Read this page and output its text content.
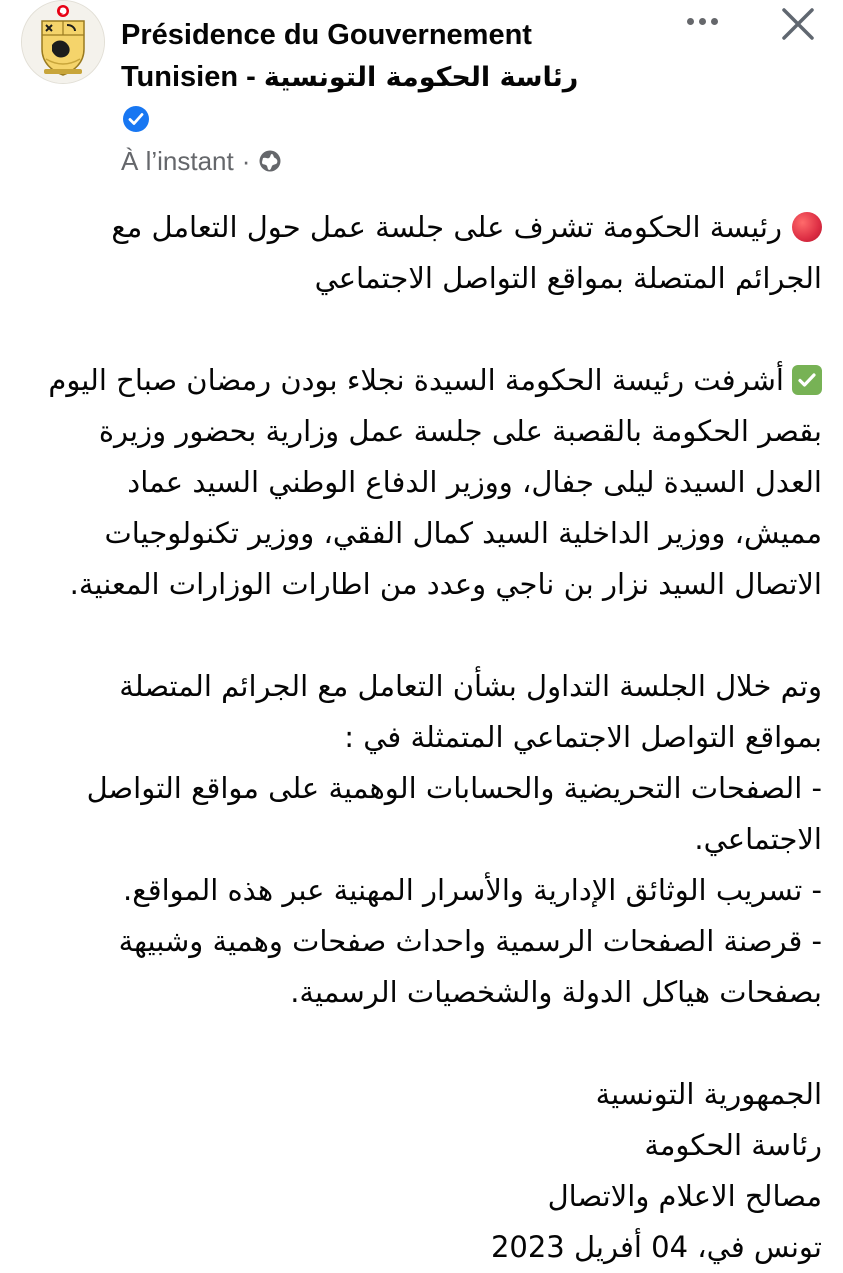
Présidence du Gouvernement
Tunisien - رئاسة الحكومة التونسية
À l’instant ·

رئيسة الحكومة تشرف على جلسة عمل حول التعامل مع الجرائم المتصلة بمواقع التواصل الاجتماعي

أشرفت رئيسة الحكومة السيدة نجلاء بودن رمضان صباح اليوم بقصر الحكومة بالقصبة على جلسة عمل وزارية بحضور وزيرة العدل السيدة ليلى جفال، ووزير الدفاع الوطني السيد عماد مميش، ووزير الداخلية السيد كمال الفقي، ووزير تكنولوجيات الاتصال السيد نزار بن ناجي وعدد من اطارات الوزارات المعنية.

وتم خلال الجلسة التداول بشأن التعامل مع الجرائم المتصلة بمواقع التواصل الاجتماعي المتمثلة في :

- الصفحات التحريضية والحسابات الوهمية على مواقع التواصل الاجتماعي.

- تسريب الوثائق الإدارية والأسرار المهنية عبر هذه المواقع.

- قرصنة الصفحات الرسمية واحداث صفحات وهمية وشبيهة بصفحات هياكل الدولة والشخصيات الرسمية.

الجمهورية التونسية

رئاسة الحكومة

مصالح الاعلام والاتصال

تونس في، 04 أفريل 2023
